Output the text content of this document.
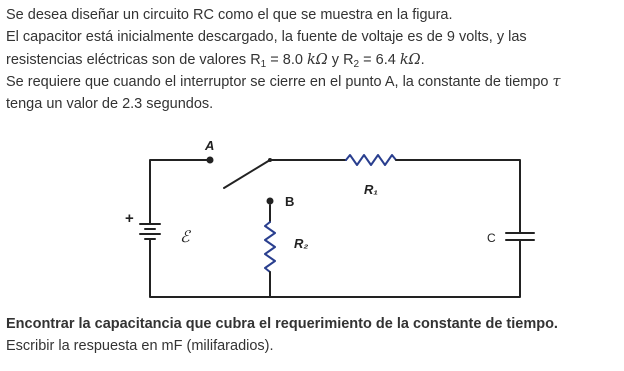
Se desea diseñar un circuito RC como el que se muestra en la figura.
El capacitor está inicialmente descargado, la fuente de voltaje es de 9 volts, y las
resistencias eléctricas son de valores $R_1 = 8.0$ kΩ y $R_2 = 6.4$ kΩ.
Se requiere que cuando el interruptor se cierre en el punto A, la constante de tiempo τ
tenga un valor de 2.3 segundos.
A
B
R₁
R₂	C
ℰ
+
Encontrar la capacitancia que cubra el requerimiento de la constante de tiempo.
Escribir la respuesta en mF (milifaradios).
